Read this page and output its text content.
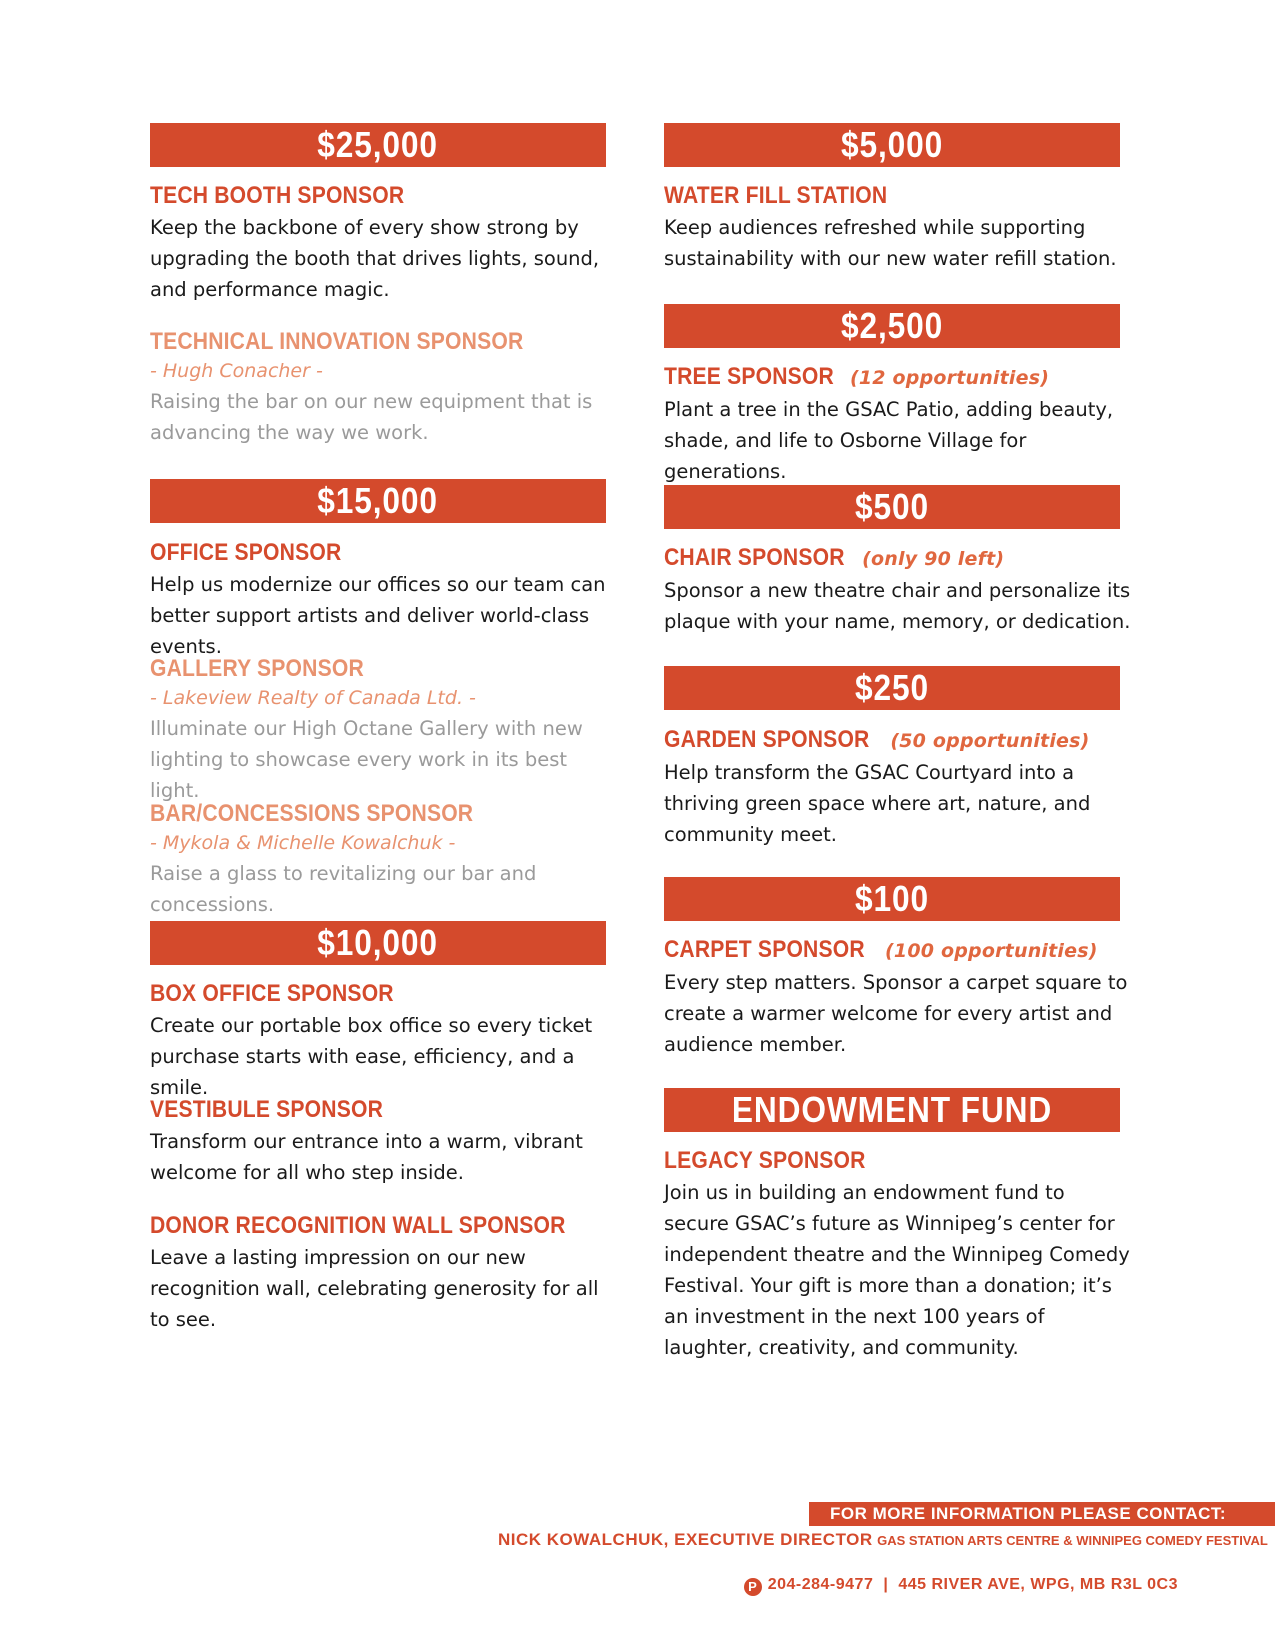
$25,000
TECH BOOTH SPONSOR
Keep the backbone of every show strong by upgrading the booth that drives lights, sound, and performance magic.
TECHNICAL INNOVATION SPONSOR
- Hugh Conacher -
Raising the bar on our new equipment that is advancing the way we work.
$15,000
OFFICE SPONSOR
Help us modernize our offices so our team can better support artists and deliver world-class events.
GALLERY SPONSOR
- Lakeview Realty of Canada Ltd. -
Illuminate our High Octane Gallery with new lighting to showcase every work in its best light.
BAR/CONCESSIONS SPONSOR
- Mykola & Michelle Kowalchuk -
Raise a glass to revitalizing our bar and concessions.
$10,000
BOX OFFICE SPONSOR
Create our portable box office so every ticket purchase starts with ease, efficiency, and a smile.
VESTIBULE SPONSOR
Transform our entrance into a warm, vibrant welcome for all who step inside.
DONOR RECOGNITION WALL SPONSOR
Leave a lasting impression on our new recognition wall, celebrating generosity for all to see.
$5,000
WATER FILL STATION
Keep audiences refreshed while supporting sustainability with our new water refill station.
$2,500
TREE SPONSOR (12 opportunities)
Plant a tree in the GSAC Patio, adding beauty, shade, and life to Osborne Village for generations.
$500
CHAIR SPONSOR (only 90 left)
Sponsor a new theatre chair and personalize its plaque with your name, memory, or dedication.
$250
GARDEN SPONSOR (50 opportunities)
Help transform the GSAC Courtyard into a thriving green space where art, nature, and community meet.
$100
CARPET SPONSOR (100 opportunities)
Every step matters. Sponsor a carpet square to create a warmer welcome for every artist and audience member.
ENDOWMENT FUND
LEGACY SPONSOR
Join us in building an endowment fund to secure GSAC’s future as Winnipeg’s center for independent theatre and the Winnipeg Comedy Festival. Your gift is more than a donation; it’s an investment in the next 100 years of laughter, creativity, and community.
FOR MORE INFORMATION PLEASE CONTACT:
NICK KOWALCHUK, EXECUTIVE DIRECTOR GAS STATION ARTS CENTRE & WINNIPEG COMEDY FESTIVAL
P 204-284-9477 | 445 RIVER AVE, WPG, MB R3L 0C3
